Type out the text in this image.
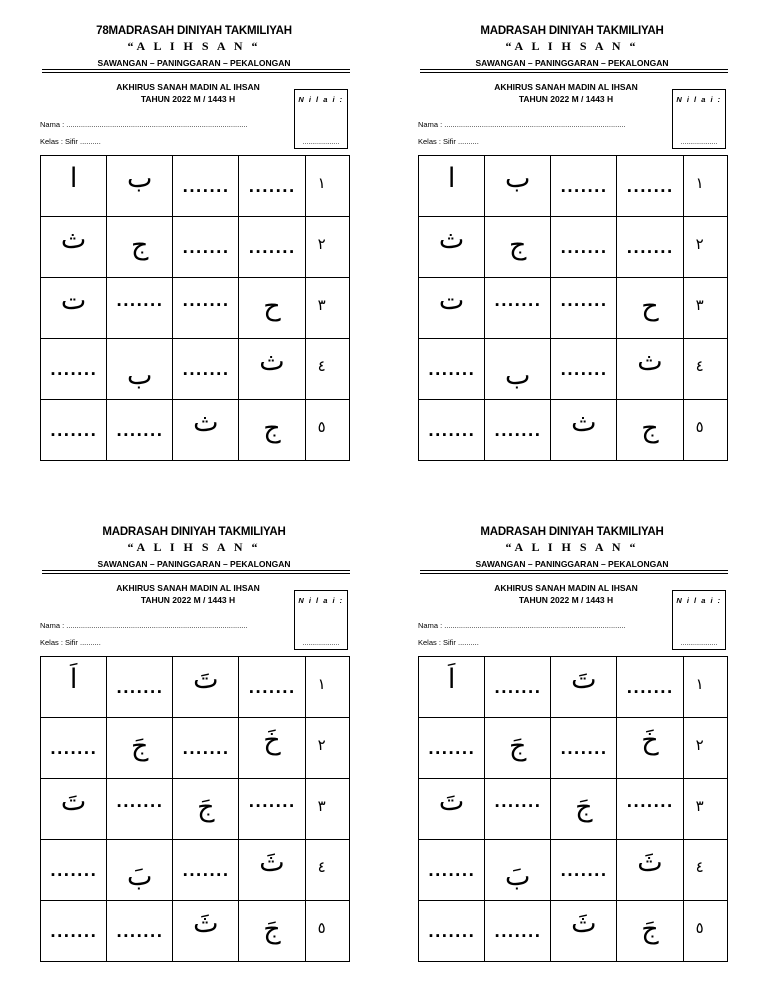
78MADRASAH DINIYAH TAKMILIYAH
“A L I H S A N “
SAWANGAN – PANINGGARAN – PEKALONGAN
AKHIRUS SANAH MADIN AL IHSAN
TAHUN 2022 M / 1443 H	N i l a i :
...................
Nama : .......................................................................................
Kelas : Sifir ..........
ا	ب	.......	.......	١

ث	ج	.......	.......	٢

ت	.......	.......	ح	٣

.......	ب	.......	ث	٤

.......	.......	ث	ج	٥
MADRASAH DINIYAH TAKMILIYAH
“A L I H S A N “
SAWANGAN – PANINGGARAN – PEKALONGAN
AKHIRUS SANAH MADIN AL IHSAN
TAHUN 2022 M / 1443 H	N i l a i :
...................
Nama : .......................................................................................
Kelas : Sifir ..........
ا	ب	.......	.......	١

ث	ج	.......	.......	٢

ت	.......	.......	ح	٣

.......	ب	.......	ث	٤

.......	.......	ث	ج	٥
MADRASAH DINIYAH TAKMILIYAH
“A L I H S A N “
SAWANGAN – PANINGGARAN – PEKALONGAN
AKHIRUS SANAH MADIN AL IHSAN
TAHUN 2022 M / 1443 H	N i l a i :
...................
Nama : .......................................................................................
Kelas : Sifir ..........
اَ	.......	تَ	.......	١

.......	جَ	.......	خَ	٢

تَ	.......	جَ	.......	٣

.......	بَ	.......	ثَ	٤

.......	.......	ثَ	جَ	٥
MADRASAH DINIYAH TAKMILIYAH
“A L I H S A N “
SAWANGAN – PANINGGARAN – PEKALONGAN
AKHIRUS SANAH MADIN AL IHSAN
TAHUN 2022 M / 1443 H	N i l a i :
...................
Nama : .......................................................................................
Kelas : Sifir ..........
اَ	.......	تَ	.......	١

.......	جَ	.......	خَ	٢

تَ	.......	جَ	.......	٣

.......	بَ	.......	ثَ	٤

.......	.......	ثَ	جَ	٥
